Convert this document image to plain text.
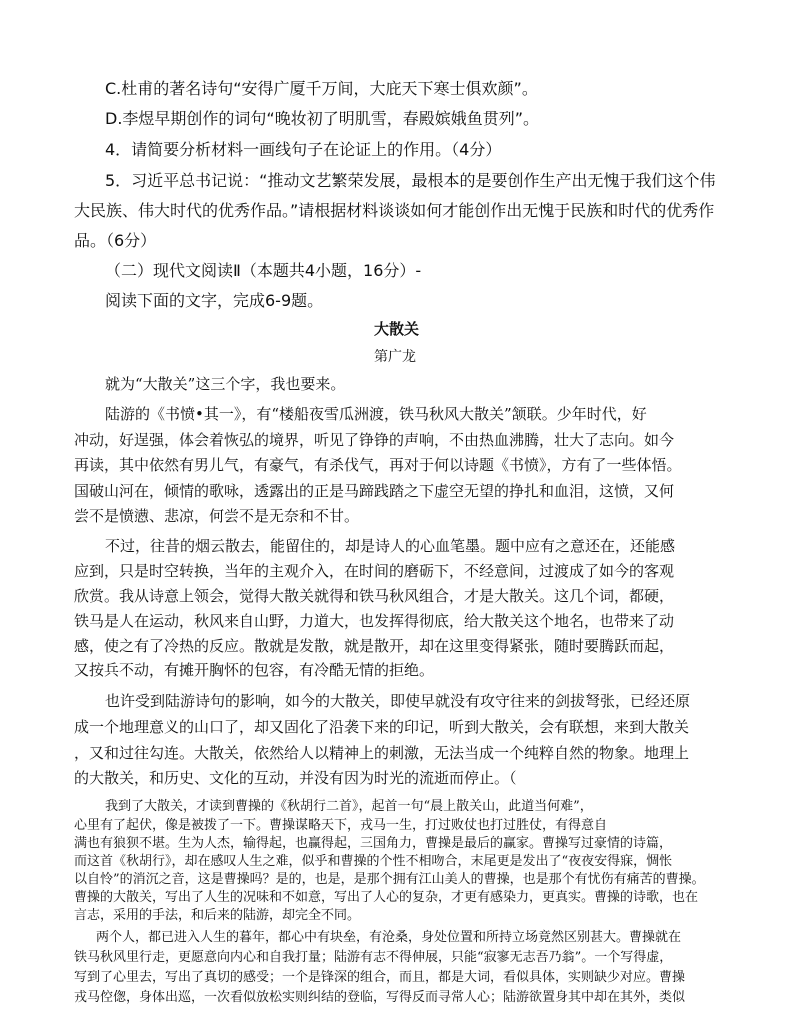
C.杜甫的著名诗句“安得广厦千万间，大庇天下寒士俱欢颜”。
D.李煜早期创作的词句“晚妆初了明肌雪，春殿嫔娥鱼贯列”。
4．请简要分析材料一画线句子在论证上的作用。（4分）
5．习近平总书记说：“推动文艺繁荣发展，最根本的是要创作生产出无愧于我们这个伟
大民族、伟大时代的优秀作品。”请根据材料谈谈如何才能创作出无愧于民族和时代的优秀作
品。（6分）
（二）现代文阅读Ⅱ（本题共4小题，16分）-
阅读下面的文字，完成6-9题。
大散关
第广龙
就为“大散关”这三个字，我也要来。
陆游的《书愤•其一》，有“楼船夜雪瓜洲渡，铁马秋风大散关”颔联。少年时代，好
冲动，好逞强，体会着恢弘的境界，听见了铮铮的声响，不由热血沸腾，壮大了志向。如今
再读，其中依然有男儿气，有豪气，有杀伐气，再对于何以诗题《书愤》，方有了一些体悟。
国破山河在，倾情的歌咏，透露出的正是马蹄践踏之下虚空无望的挣扎和血泪，这愤，又何
尝不是愤懑、悲凉，何尝不是无奈和不甘。
不过，往昔的烟云散去，能留住的，却是诗人的心血笔墨。题中应有之意还在，还能感
应到，只是时空转换，当年的主观介入，在时间的磨砺下，不经意间，过渡成了如今的客观
欣赏。我从诗意上领会，觉得大散关就得和铁马秋风组合，才是大散关。这几个词，都硬，
铁马是人在运动，秋风来自山野，力道大，也发挥得彻底，给大散关这个地名，也带来了动
感，使之有了冷热的反应。散就是发散，就是散开，却在这里变得紧张，随时要腾跃而起，
又按兵不动，有摊开胸怀的包容，有冷酷无情的拒绝。
也许受到陆游诗句的影响，如今的大散关，即使早就没有攻守往来的剑拔弩张，已经还原
成一个地理意义的山口了，却又固化了沿袭下来的印记，听到大散关，会有联想，来到大散关
，又和过往勾连。大散关，依然给人以精神上的刺激，无法当成一个纯粹自然的物象。地理上
的大散关，和历史、文化的互动，并没有因为时光的流逝而停止。（
我到了大散关，才读到曹操的《秋胡行二首》，起首一句“晨上散关山，此道当何难”，
心里有了起伏，像是被拨了一下。曹操谋略天下，戎马一生，打过败仗也打过胜仗，有得意自
满也有狼狈不堪。生为人杰，输得起，也赢得起，三国角力，曹操是最后的赢家。曹操写过豪情的诗篇，
而这首《秋胡行》，却在感叹人生之难，似乎和曹操的个性不相吻合，末尾更是发出了“夜夜安得寐，惆怅
以自怜”的消沉之音，这是曹操吗？是的，也是，是那个拥有江山美人的曹操，也是那个有忧伤有痛苦的曹操。
曹操的大散关，写出了人生的况味和不如意，写出了人心的复杂，才更有感染力，更真实。曹操的诗歌，也在
言志，采用的手法，和后来的陆游，却完全不同。
两个人，都已进入人生的暮年，都心中有块垒，有沧桑，身处位置和所持立场竟然区别甚大。曹操就在
铁马秋风里行走，更愿意向内心和自我打量；陆游有志不得伸展，只能“寂寥无志吾乃翁”。一个写得虚，
写到了心里去，写出了真切的感受；一个是锋深的组合，而且，都是大词，看似具体，实则缺少对应。曹操
戎马倥偬，身体出巡，一次看似放松实则纠结的登临，写得反而寻常人心；陆游欲置身其中却在其外，类似
